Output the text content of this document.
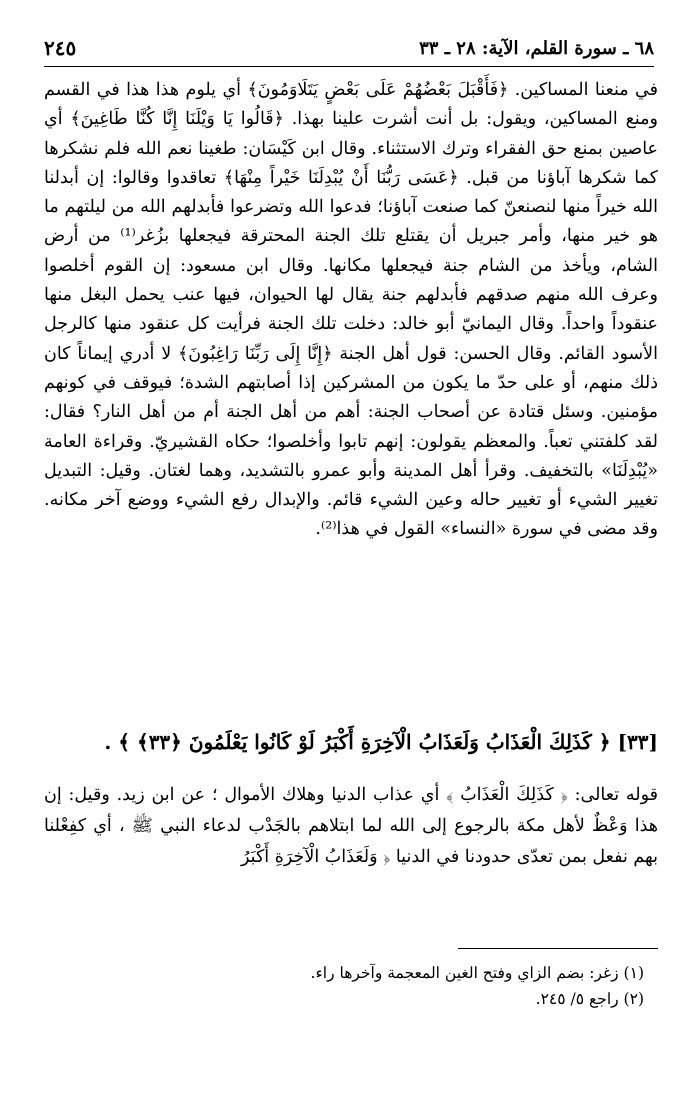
٢٤٥	٦٨ ـ سورة القلم، الآية: ٢٨ ـ ٣٣

في منعنا المساكين. ﴿فَأَقْبَلَ بَعْضُهُمْ عَلَى بَعْضٍ يَتَلَاوَمُونَ﴾ أي يلوم هذا هذا في القسم ومنع المساكين، ويقول: بل أنت أشرت علينا بهذا. ﴿قَالُوا يَا وَيْلَنَا إِنَّا كُنَّا طَاغِينَ﴾ أي عاصين بمنع حق الفقراء وترك الاستثناء. وقال ابن كَيْسَان: طغينا نعم الله فلم نشكرها كما شكرها آباؤنا من قبل. ﴿عَسَى رَبُّنَا أَنْ يُبْدِلَنَا خَيْراً مِنْهَا﴾ تعاقدوا وقالوا: إن أبدلنا الله خيراً منها لنصنعنّ كما صنعت آباؤنا؛ فدعوا الله وتضرعوا فأبدلهم الله من ليلتهم ما هو خير منها، وأمر جبريل أن يقتلع تلك الجنة المحترقة فيجعلها بزُغر⁽¹⁾ من أرض الشام، ويأخذ من الشام جنة فيجعلها مكانها. وقال ابن مسعود: إن القوم أخلصوا وعرف الله منهم صدقهم فأبدلهم جنة يقال لها الحيوان، فيها عنب يحمل البغل منها عنقوداً واحداً. وقال اليمانيّ أبو خالد: دخلت تلك الجنة فرأيت كل عنقود منها كالرجل الأسود القائم. وقال الحسن: قول أهل الجنة ﴿إِنَّا إِلَى رَبِّنَا رَاغِبُونَ﴾ لا أدري إيماناً كان ذلك منهم، أو على حدّ ما يكون من المشركين إذا أصابتهم الشدة؛ فيوقف في كونهم مؤمنين. وسئل قتادة عن أصحاب الجنة: أهم من أهل الجنة أم من أهل النار؟ فقال: لقد كلفتني تعباً. والمعظم يقولون: إنهم تابوا وأخلصوا؛ حكاه القشيريّ. وقراءة العامة «يُبْدِلَنَا» بالتخفيف. وقرأ أهل المدينة وأبو عمرو بالتشديد، وهما لغتان. وقيل: التبديل تغيير الشيء أو تغيير حاله وعين الشيء قائم. والإبدال رفع الشيء ووضع آخر مكانه. وقد مضى في سورة «النساء» القول في هذا⁽²⁾.

[٣٣] ﴿ كَذَلِكَ الْعَذَابُ وَلَعَذَابُ الْآخِرَةِ أَكْبَرُ لَوْ كَانُوا يَعْلَمُونَ ﴿٣٣﴾ ﴾ .

قوله تعالى: ﴿ كَذَلِكَ الْعَذَابُ ﴾ أي عذاب الدنيا وهلاك الأموال ؛ عن ابن زيد. وقيل: إن هذا وَعْظٌ لأهل مكة بالرجوع إلى الله لما ابتلاهم بالجَدْب لدعاء النبي ﷺ ، أي كفِعْلنا بهم نفعل بمن تعدّى حدودنا في الدنيا ﴿ وَلَعَذَابُ الْآخِرَةِ أَكْبَرُ

(١) زغر: بضم الزاي وفتح الغين المعجمة وآخرها راء.
(٢) راجع ٥/ ٢٤٥.
